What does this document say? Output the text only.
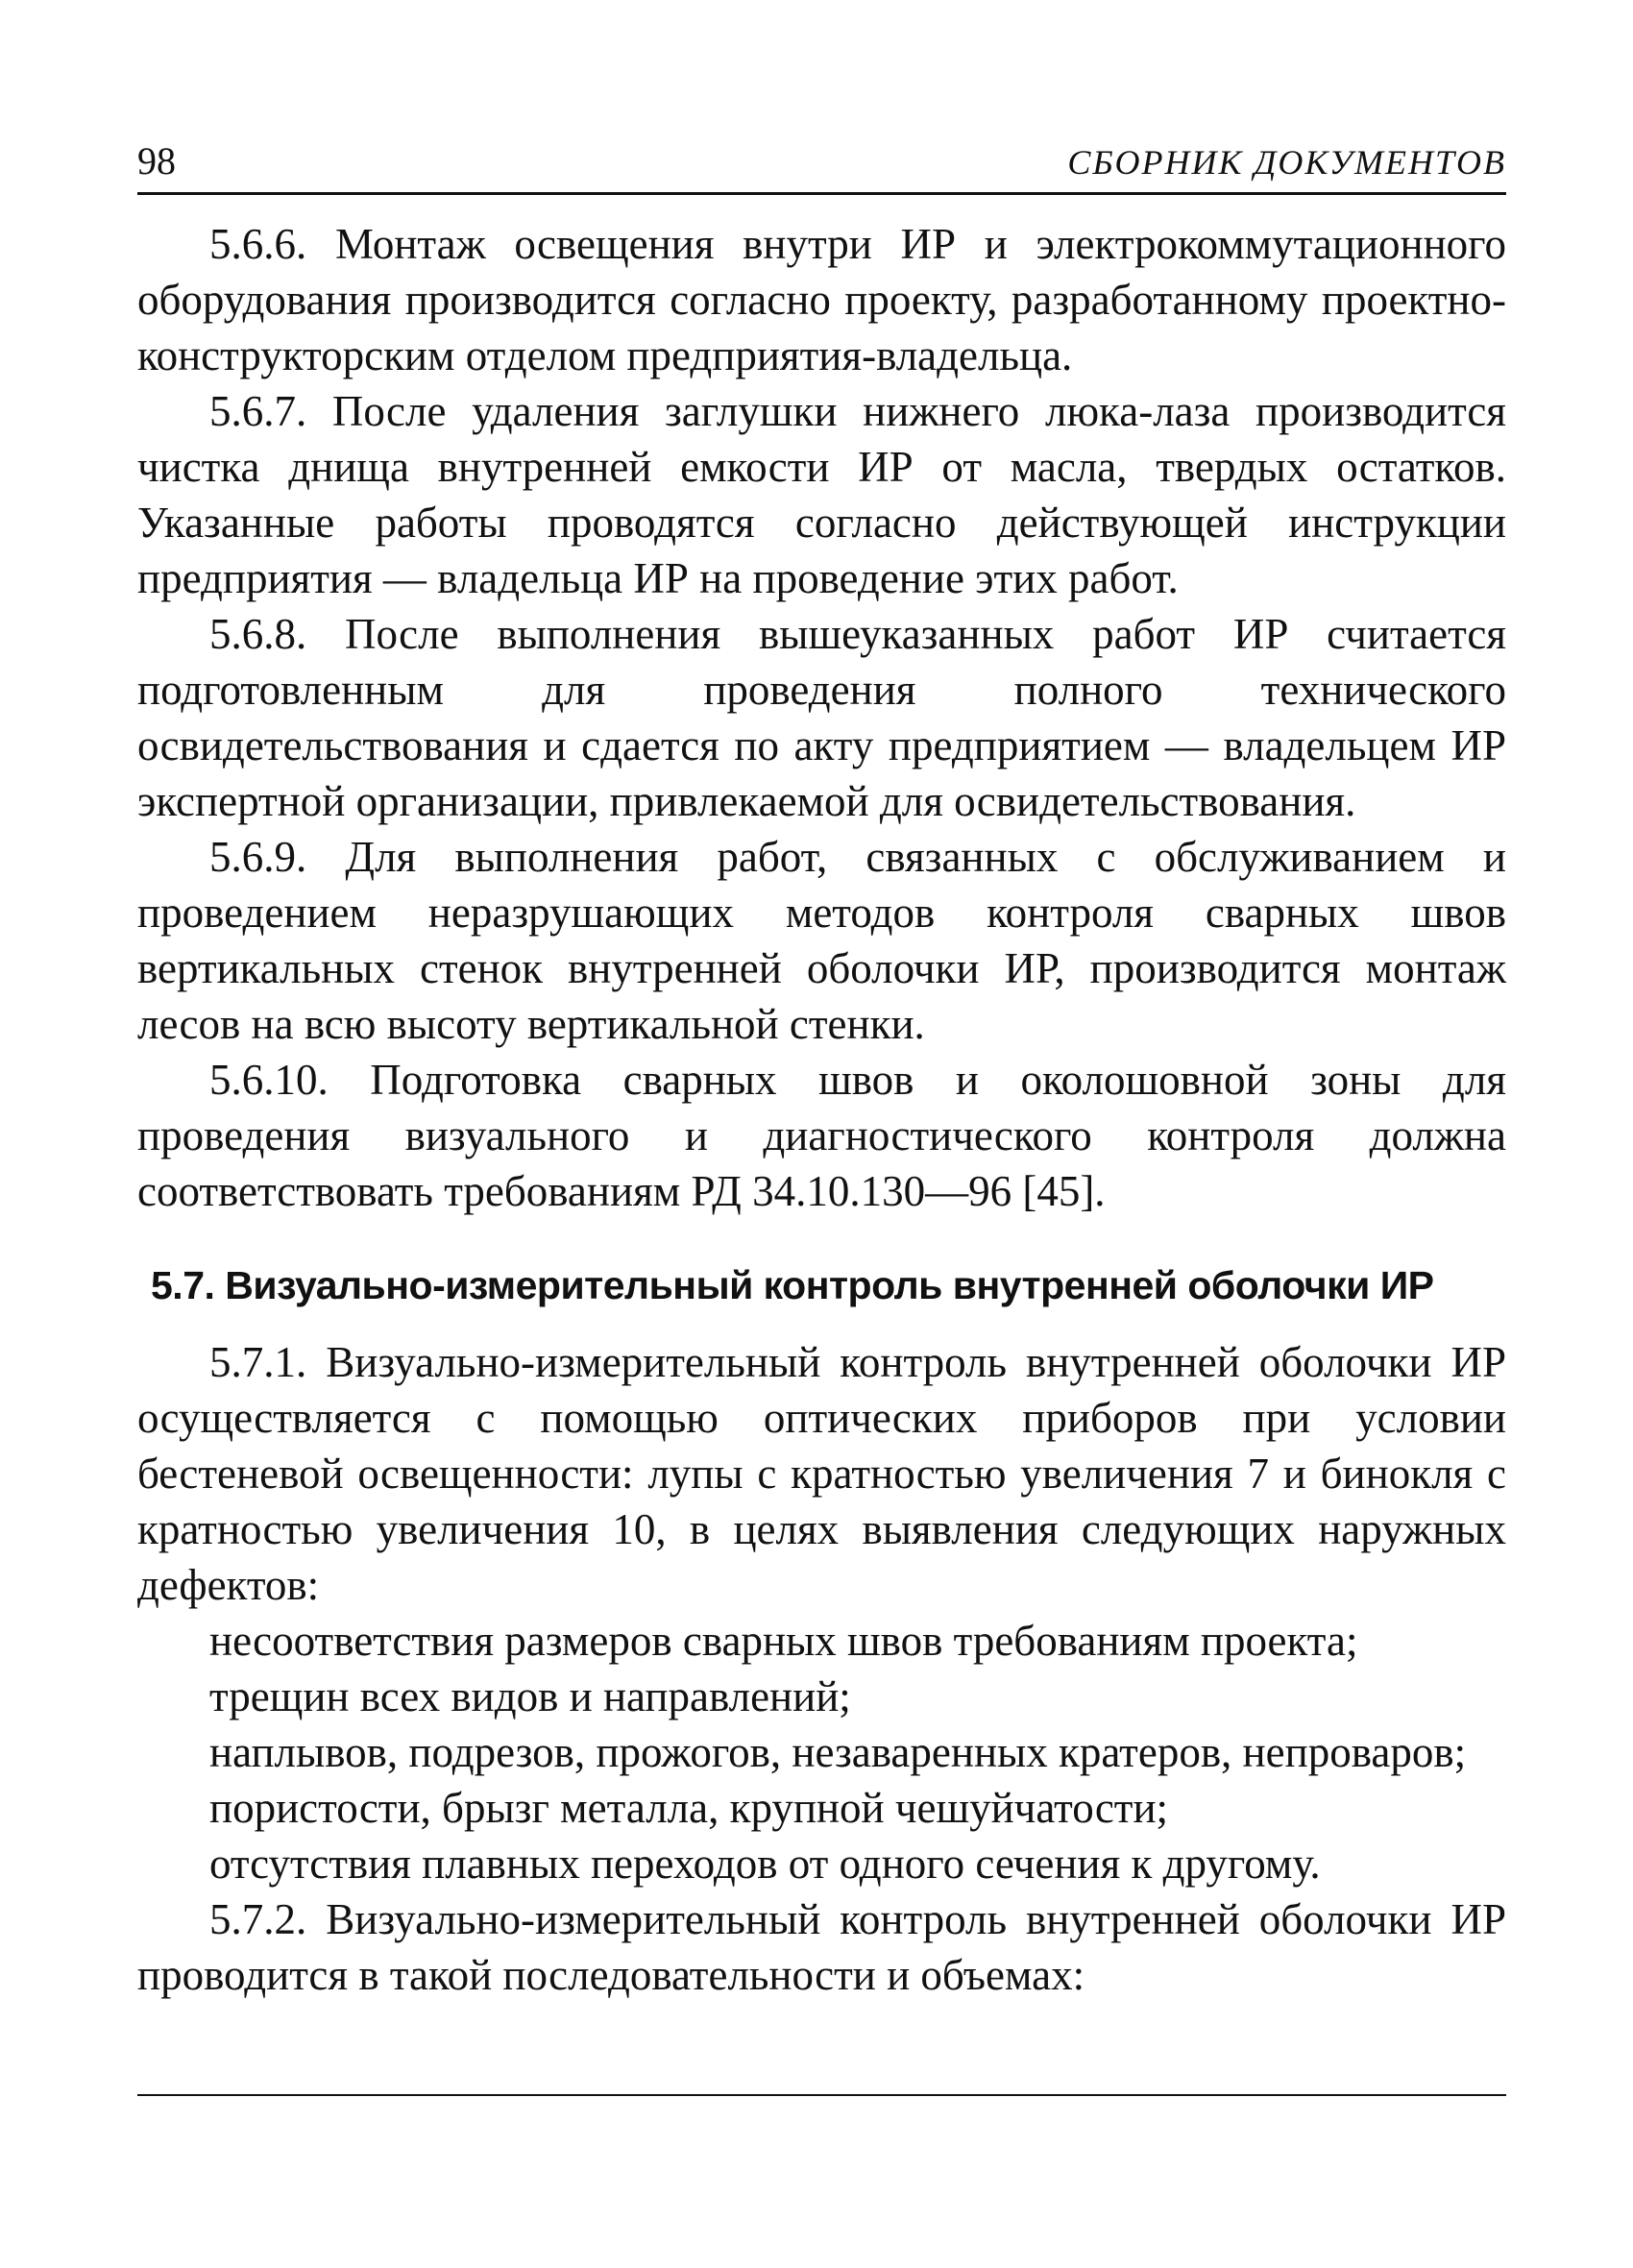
98	СБОРНИК ДОКУМЕНТОВ

5.6.6. Монтаж освещения внутри ИР и электрокоммутационного оборудования производится согласно проекту, разработанному проектно-конструкторским отделом предприятия-владельца.

5.6.7. После удаления заглушки нижнего люка-лаза производится чистка днища внутренней емкости ИР от масла, твердых остатков. Указанные работы проводятся согласно действующей инструкции предприятия — владельца ИР на проведение этих работ.

5.6.8. После выполнения вышеуказанных работ ИР считается подготовленным для проведения полного технического освидетельствования и сдается по акту предприятием — владельцем ИР экспертной организации, привлекаемой для освидетельствования.

5.6.9. Для выполнения работ, связанных с обслуживанием и проведением неразрушающих методов контроля сварных швов вертикальных стенок внутренней оболочки ИР, производится монтаж лесов на всю высоту вертикальной стенки.

5.6.10. Подготовка сварных швов и околошовной зоны для проведения визуального и диагностического контроля должна соответствовать требованиям РД 34.10.130—96 [45].

5.7. Визуально-измерительный контроль внутренней оболочки ИР

5.7.1. Визуально-измерительный контроль внутренней оболочки ИР осуществляется с помощью оптических приборов при условии бестеневой освещенности: лупы с кратностью увеличения 7 и бинокля с кратностью увеличения 10, в целях выявления следующих наружных дефектов:

несоответствия размеров сварных швов требованиям проекта;

трещин всех видов и направлений;

наплывов, подрезов, прожогов, незаваренных кратеров, непроваров;

пористости, брызг металла, крупной чешуйчатости;

отсутствия плавных переходов от одного сечения к другому.

5.7.2. Визуально-измерительный контроль внутренней оболочки ИР проводится в такой последовательности и объемах:
